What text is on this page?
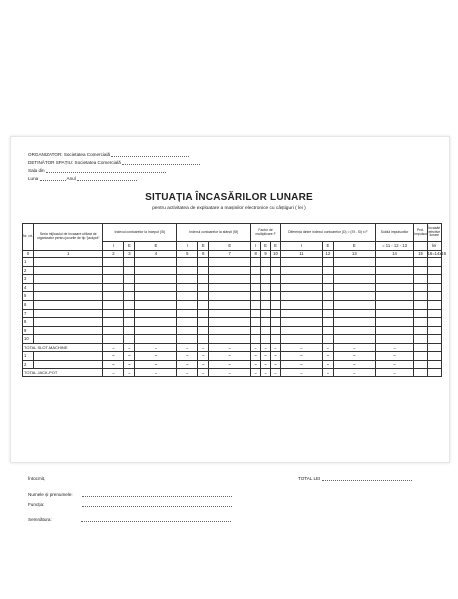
ORGANIZATOR: Societatea Comercială
DETINĂTOR SPAȚIU: Societatea Comercială
Sala din
Luna	Anul
SITUAȚIA ÎNCASĂRILOR LUNARE
pentru activitatea de exploatare a mașinilor electronice cu câștiguri ( lei )
Nr. crt.	Seria mijlocului de încasare utilizat de organizator pentru jocurile de tip "jackpot"	Indexul contoarelor la început (Si)			Indexul contoarelor la sfârșit (Sf)			Factor de multiplicare F			Diferența dintre indexul contoarelor (D) = (Sf - Si) x F			Soldul impulsurilor	Prot. impulsuri	Încasări efective lunare
		I	E	E	I	E	E	I	E	E	I	E	E	= 11 - 12 - 13		lei
0	1	2	3	4	5	6	7	8	9	10	11	12	13	14	15	16=14x15
1																
2																
3																
4																
5																
6																
7																
8																
9																
10																
TOTAL SLOT-MACHINE		–	–	–	–	–	–	–	–	–	–	–	–	–		
1		–	–	–	–	–	–	–	–	–	–	–	–	–		
2		–	–	–	–	–	–	–	–	–	–	–	–	–		
TOTAL JACK-POT		–	–	–	–	–	–	–	–	–	–	–	–	–		
Întocmit,	TOTAL LEI
Numele și prenumele:
Funcția:
Semnătura:
